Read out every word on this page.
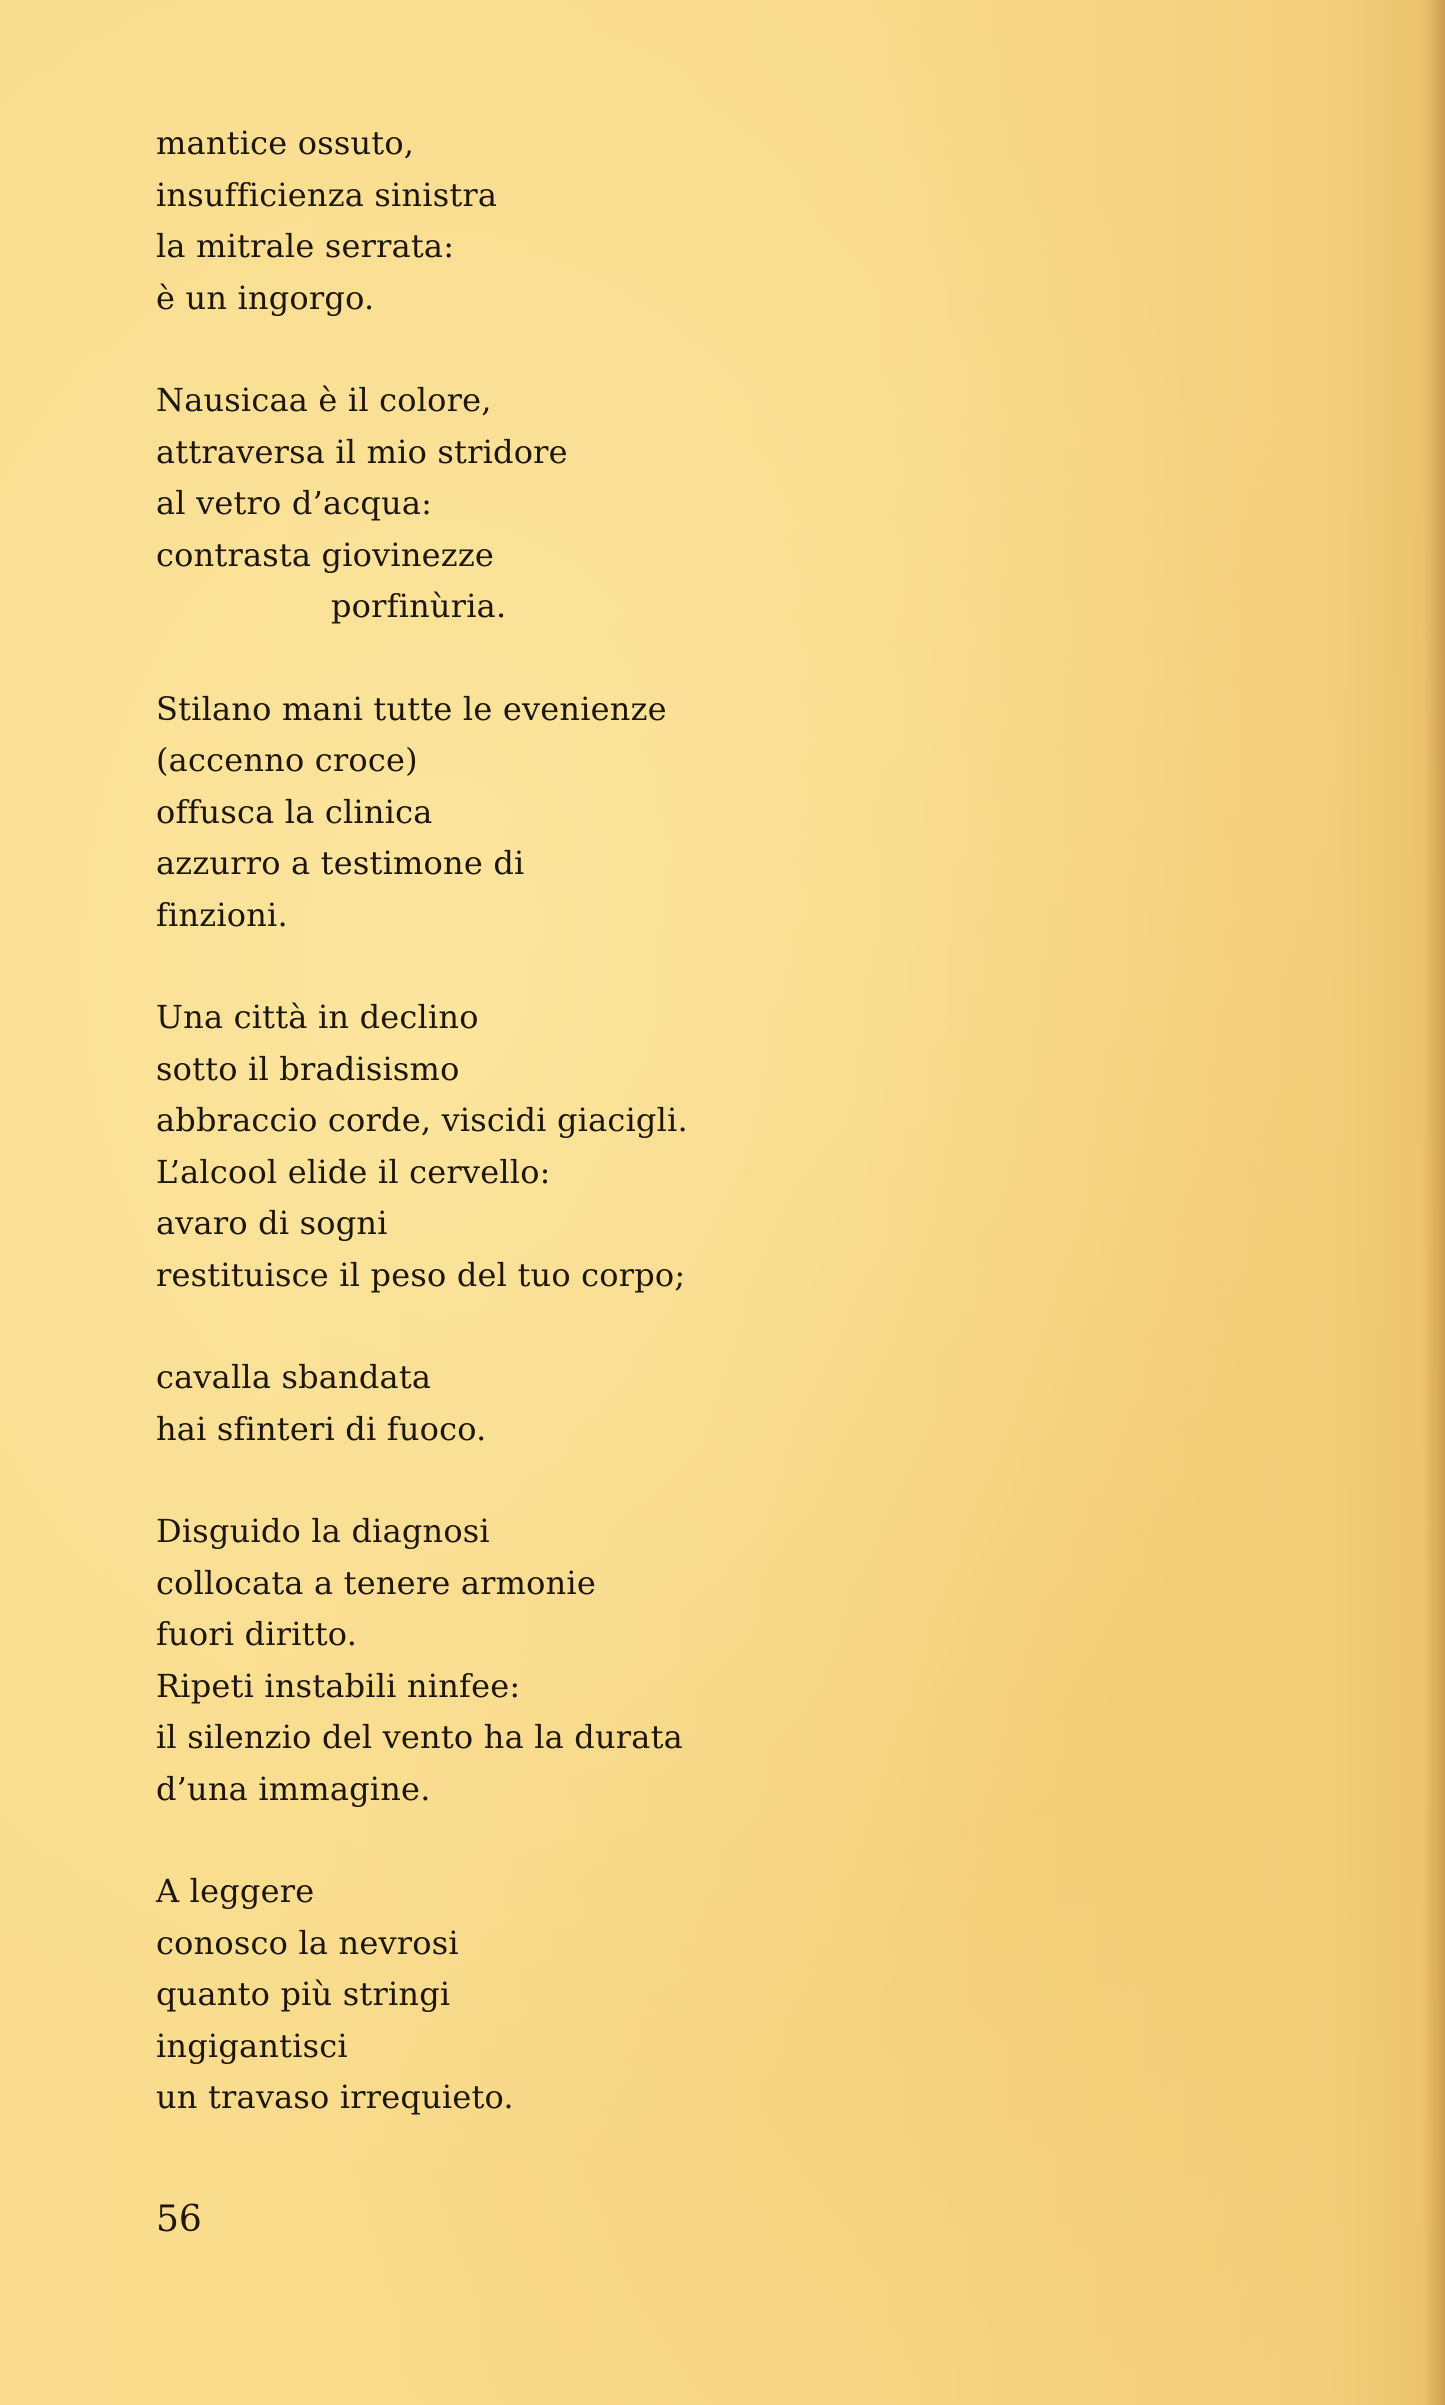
mantice ossuto,
insufficienza sinistra
la mitrale serrata:
è un ingorgo.
Nausicaa è il colore,
attraversa il mio stridore
al vetro d’acqua:
contrasta giovinezze
porfinùria.
Stilano mani tutte le evenienze
(accenno croce)
offusca la clinica
azzurro a testimone di
finzioni.
Una città in declino
sotto il bradisismo
abbraccio corde, viscidi giacigli.
L’alcool elide il cervello:
avaro di sogni
restituisce il peso del tuo corpo;
cavalla sbandata
hai sfinteri di fuoco.
Disguido la diagnosi
collocata a tenere armonie
fuori diritto.
Ripeti instabili ninfee:
il silenzio del vento ha la durata
d’una immagine.
A leggere
conosco la nevrosi
quanto più stringi
ingigantisci
un travaso irrequieto.
56
